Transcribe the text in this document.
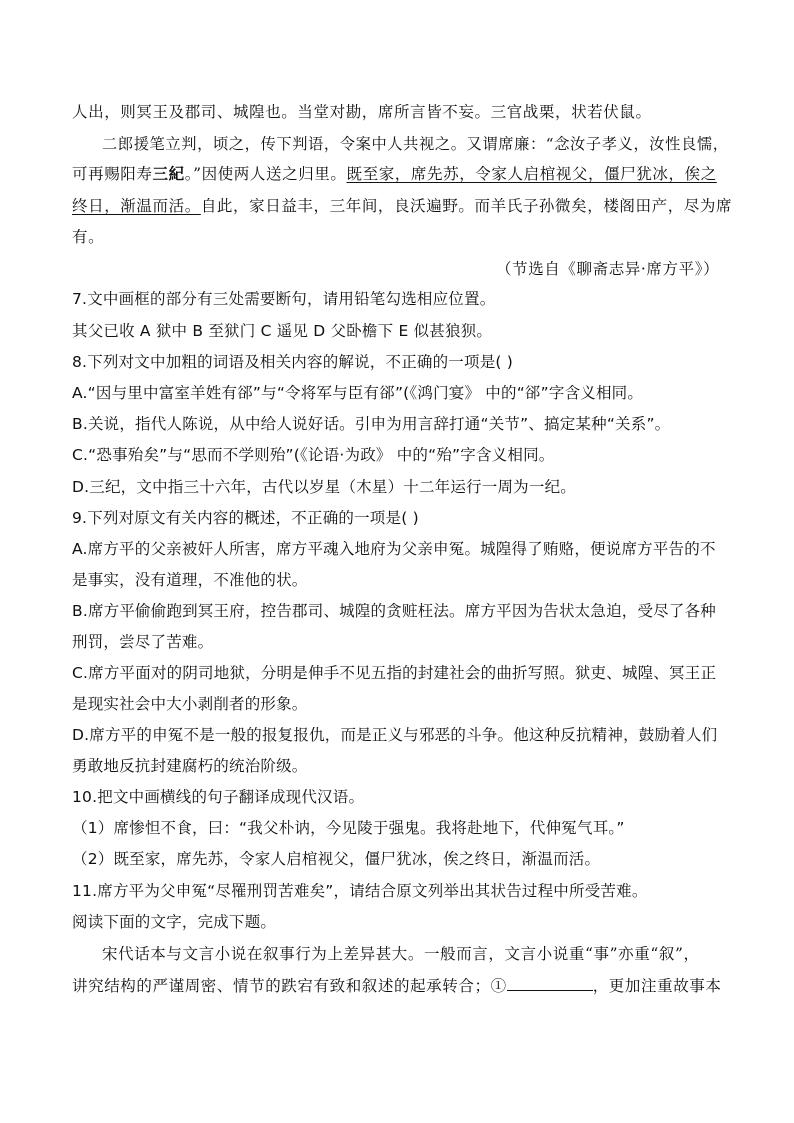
人出，则冥王及郡司、城隍也。当堂对勘，席所言皆不妄。三官战栗，状若伏鼠。
二郎援笔立判，顷之，传下判语，令案中人共视之。又谓席廉：“念汝子孝义，汝性良懦，
可再赐阳寿三紀。”因使两人送之归里。既至家，席先苏，令家人启棺视父，僵尸犹冰，俟之
终日，渐温而活。自此，家日益丰，三年间，良沃遍野。而羊氏子孙微矣，楼阁田产，尽为席
有。
（节选自《聊斋志异·席方平》）
7.文中画框的部分有三处需要断句，请用铅笔勾选相应位置。
其父已收 A 狱中 B 至狱门 C 遥见 D 父卧檐下 E 似甚狼狈。
8.下列对文中加粗的词语及相关内容的解说，不正确的一项是( )
A.“因与里中富室羊姓有郤”与“令将军与臣有郤”(《鸿门宴》 中的“郤”字含义相同。
B.关说，指代人陈说，从中给人说好话。引申为用言辞打通“关节”、搞定某种“关系”。
C.“恐事殆矣”与“思而不学则殆”(《论语·为政》 中的“殆”字含义相同。
D.三纪，文中指三十六年，古代以岁星（木星）十二年运行一周为一纪。
9.下列对原文有关内容的概述，不正确的一项是( )
A.席方平的父亲被奸人所害，席方平魂入地府为父亲申冤。城隍得了贿赂，便说席方平告的不
是事实，没有道理，不准他的状。
B.席方平偷偷跑到冥王府，控告郡司、城隍的贪赃枉法。席方平因为告状太急迫，受尽了各种
刑罚，尝尽了苦难。
C.席方平面对的阴司地狱，分明是伸手不见五指的封建社会的曲折写照。狱吏、城隍、冥王正
是现实社会中大小剥削者的形象。
D.席方平的申冤不是一般的报复报仇，而是正义与邪恶的斗争。他这种反抗精神，鼓励着人们
勇敢地反抗封建腐朽的统治阶级。
10.把文中画横线的句子翻译成现代汉语。
（1）席惨怛不食，曰：“我父朴讷，今见陵于强鬼。我将赴地下，代伸冤气耳。”
（2）既至家，席先苏，令家人启棺视父，僵尸犹冰，俟之终日，渐温而活。
11.席方平为父申冤“尽罹刑罚苦难矣”，请结合原文列举出其状告过程中所受苦难。
阅读下面的文字，完成下题。
宋代话本与文言小说在叙事行为上差异甚大。一般而言，文言小说重“事”亦重“叙”，
讲究结构的严谨周密、情节的跌宕有致和叙述的起承转合；①	，更加注重故事本
